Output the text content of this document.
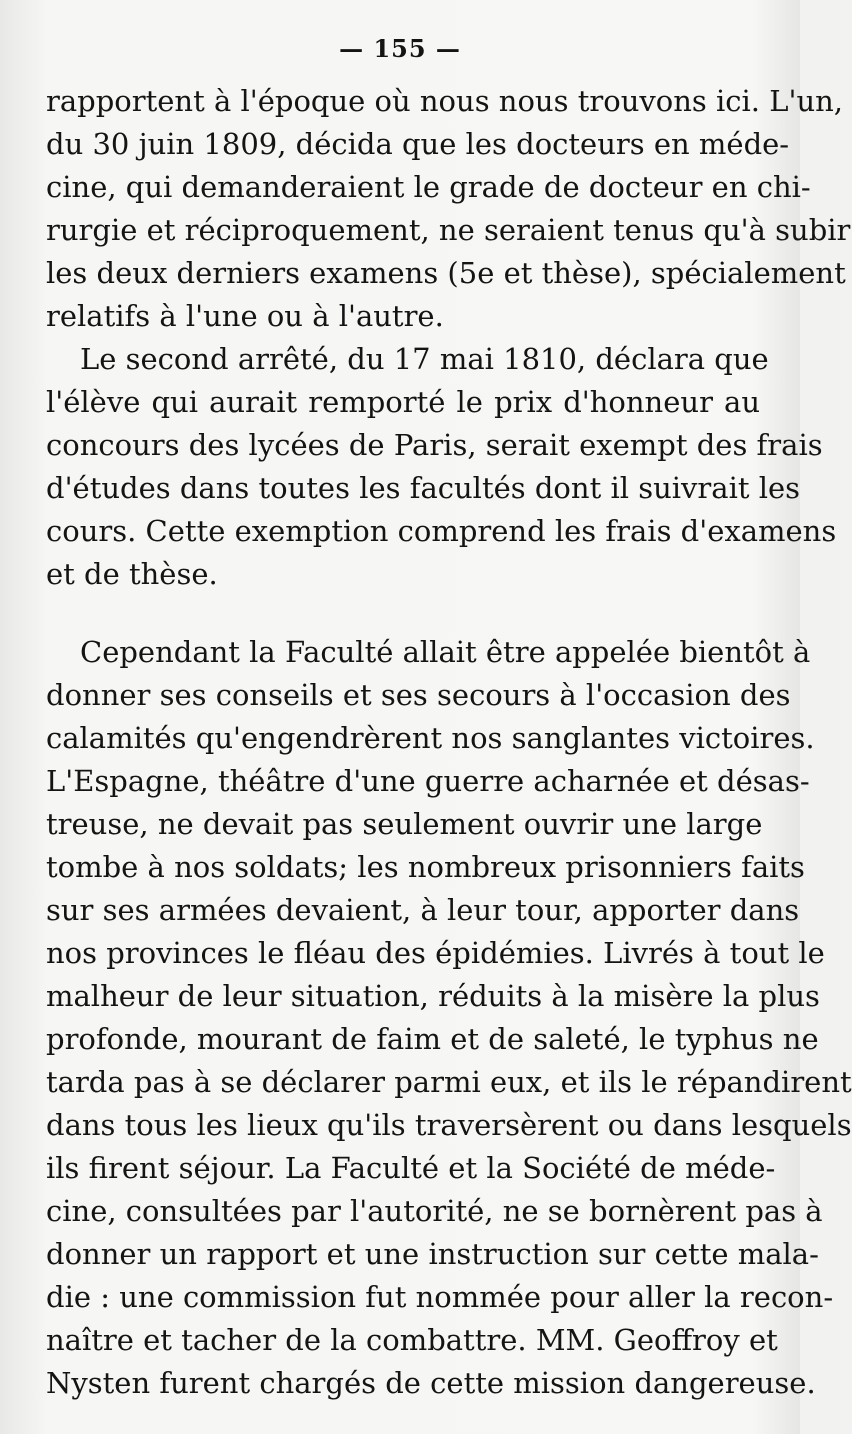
— 155 —
rapportent à l'époque où nous nous trouvons ici. L'un,
du 30 juin 1809, décida que les docteurs en méde-
cine, qui demanderaient le grade de docteur en chi-
rurgie et réciproquement, ne seraient tenus qu'à subir
les deux derniers examens (5e et thèse), spécialement
relatifs à l'une ou à l'autre.
Le second arrêté, du 17 mai 1810, déclara que
l'élève qui aurait remporté le prix d'honneur au
concours des lycées de Paris, serait exempt des frais
d'études dans toutes les facultés dont il suivrait les
cours. Cette exemption comprend les frais d'examens
et de thèse.
Cependant la Faculté allait être appelée bientôt à
donner ses conseils et ses secours à l'occasion des
calamités qu'engendrèrent nos sanglantes victoires.
L'Espagne, théâtre d'une guerre acharnée et désas-
treuse, ne devait pas seulement ouvrir une large
tombe à nos soldats; les nombreux prisonniers faits
sur ses armées devaient, à leur tour, apporter dans
nos provinces le fléau des épidémies. Livrés à tout le
malheur de leur situation, réduits à la misère la plus
profonde, mourant de faim et de saleté, le typhus ne
tarda pas à se déclarer parmi eux, et ils le répandirent
dans tous les lieux qu'ils traversèrent ou dans lesquels
ils firent séjour. La Faculté et la Société de méde-
cine, consultées par l'autorité, ne se bornèrent pas à
donner un rapport et une instruction sur cette mala-
die : une commission fut nommée pour aller la recon-
naître et tacher de la combattre. MM. Geoffroy et
Nysten furent chargés de cette mission dangereuse.
